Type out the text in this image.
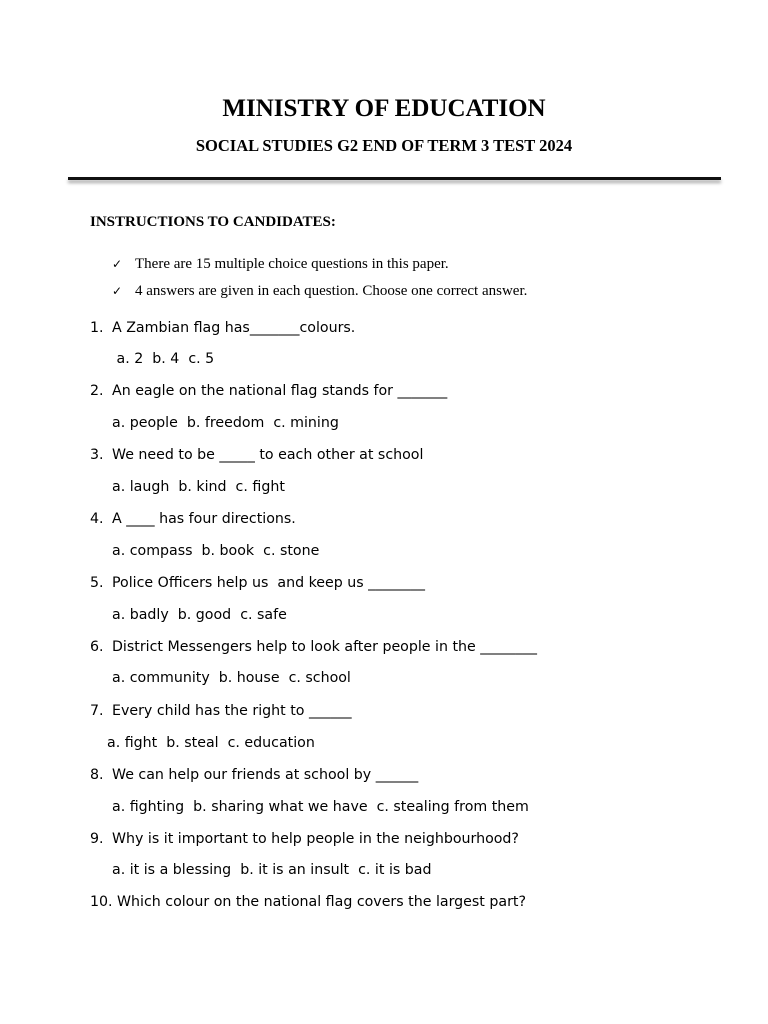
MINISTRY OF EDUCATION
SOCIAL STUDIES G2 END OF TERM 3 TEST 2024
INSTRUCTIONS TO CANDIDATES:
✓ There are 15 multiple choice questions in this paper.
✓ 4 answers are given in each question. Choose one correct answer.
1. A Zambian flag has_______colours.
a. 2  b. 4  c. 5
2. An eagle on the national flag stands for _______
a. people  b. freedom  c. mining
3. We need to be _____ to each other at school
a. laugh  b. kind  c. fight
4. A ____ has four directions.
a. compass  b. book  c. stone
5. Police Officers help us  and keep us ________
a. badly  b. good  c. safe
6. District Messengers help to look after people in the ________
a. community  b. house  c. school
7. Every child has the right to ______
a. fight  b. steal  c. education
8. We can help our friends at school by ______
a. fighting  b. sharing what we have  c. stealing from them
9. Why is it important to help people in the neighbourhood?
a. it is a blessing  b. it is an insult  c. it is bad
10. Which colour on the national flag covers the largest part?
